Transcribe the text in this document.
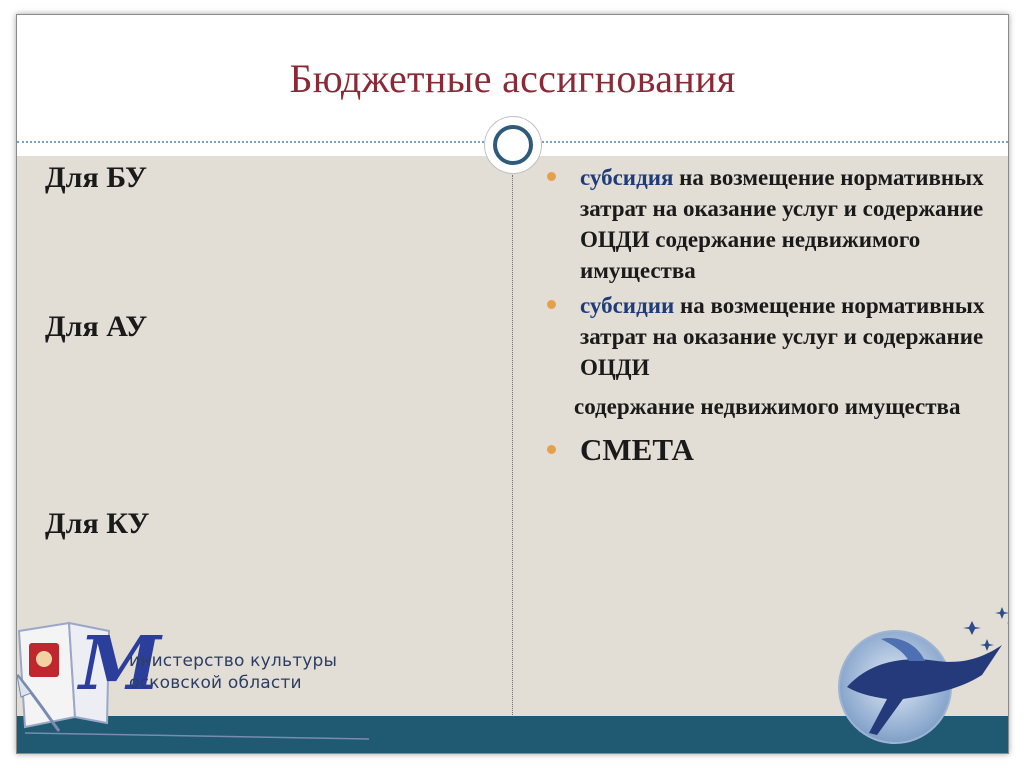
Бюджетные ассигнования
Для БУ
Для АУ
Для КУ
субсидия на возмещение нормативных затрат на оказание услуг и содержание ОЦДИ содержание недвижимого имущества
субсидии на возмещение нормативных затрат на оказание услуг и содержание ОЦДИ
содержание недвижимого имущества
СМЕТА
M
инистерство культуры
осковской области
